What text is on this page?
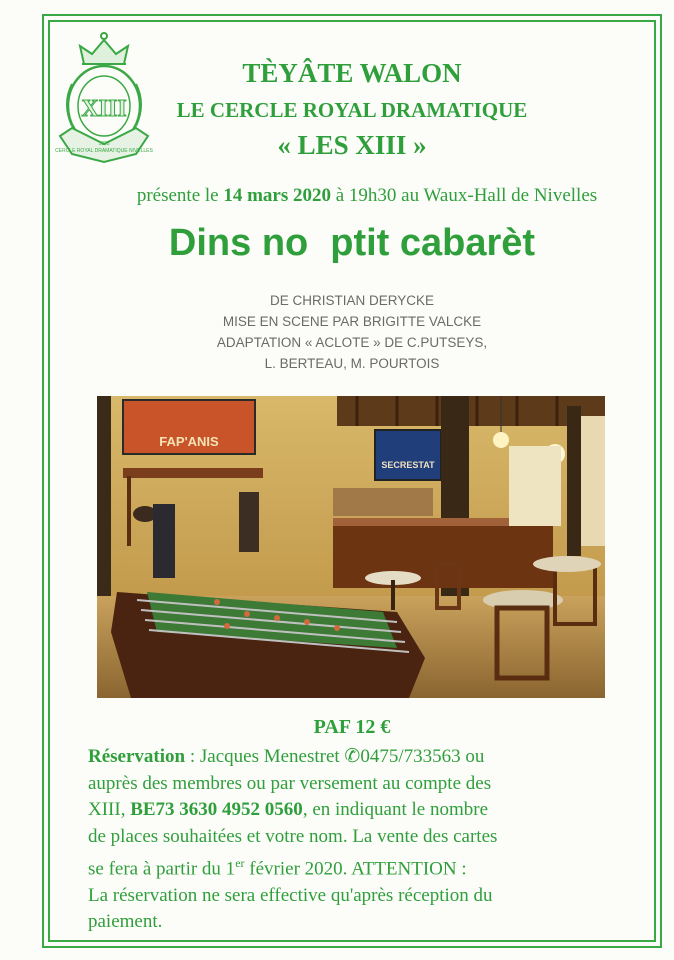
XIII
1923
CERCLE ROYAL DRAMATIQUE NIVELLES
TÈYÂTE WALON
LE CERCLE ROYAL DRAMATIQUE
« LES XIII »
présente le 14 mars 2020 à 19h30 au Waux-Hall de Nivelles
Dins no ptit cabarèt
DE CHRISTIAN DERYCKE
MISE EN SCENE PAR BRIGITTE VALCKE
ADAPTATION « ACLOTE » DE C.PUTSEYS,
L. BERTEAU, M. POURTOIS
FAP'ANIS
SECRESTAT
PAF 12 €
Réservation : Jacques Menestret ✆0475/733563 ou
auprès des membres ou par versement au compte des
XIII, BE73 3630 4952 0560, en indiquant le nombre
de places souhaitées et votre nom. La vente des cartes
se fera à partir du 1er février 2020. ATTENTION :
La réservation ne sera effective qu'après réception du
paiement.
